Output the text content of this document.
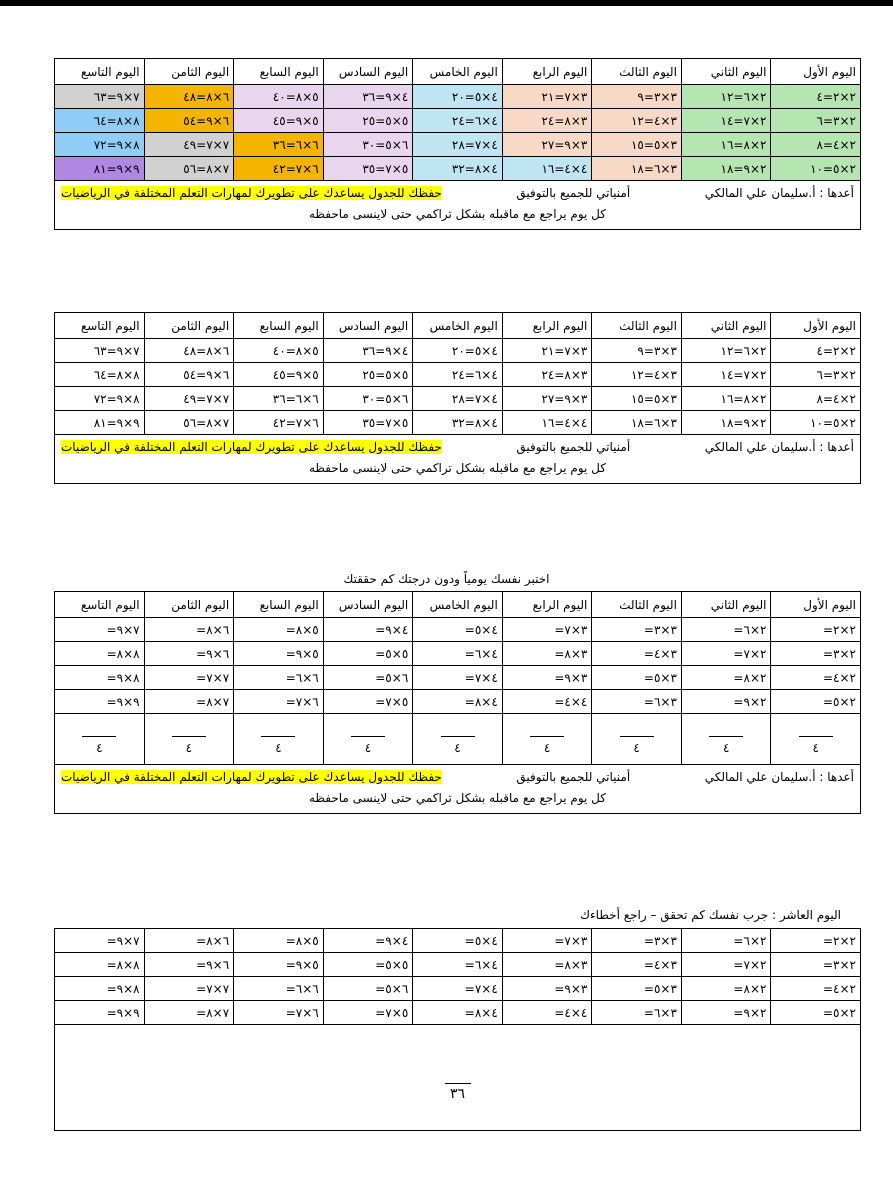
اليوم الأول	اليوم الثاني	اليوم الثالث	اليوم الرابع	اليوم الخامس	اليوم السادس	اليوم السابع	اليوم الثامن	اليوم التاسع
٢×٢=٤	٢×٦=١٢	٣×٣=٩	٣×٧=٢١	٤×٥=٢٠	٤×٩=٣٦	٥×٨=٤٠	٦×٨=٤٨	٧×٩=٦٣
٢×٣=٦	٢×٧=١٤	٣×٤=١٢	٣×٨=٢٤	٤×٦=٢٤	٥×٥=٢٥	٥×٩=٤٥	٦×٩=٥٤	٨×٨=٦٤
٢×٤=٨	٢×٨=١٦	٣×٥=١٥	٣×٩=٢٧	٤×٧=٢٨	٦×٥=٣٠	٦×٦=٣٦	٧×٧=٤٩	٨×٩=٧٢
٢×٥=١٠	٢×٩=١٨	٣×٦=١٨	٤×٤=١٦	٤×٨=٣٢	٥×٧=٣٥	٦×٧=٤٢	٧×٨=٥٦	٩×٩=٨١

أعدها : أ.سليمان علي المالكي
أمنياتي للجميع بالتوفيق
حفظك للجدول يساعدك على تطويرك لمهارات التعلم المختلفة في الرياضيات
كل يوم يراجع مع ماقبله بشكل تراكمي حتى لاينسى ماحفظه								
اليوم الأول	اليوم الثاني	اليوم الثالث	اليوم الرابع	اليوم الخامس	اليوم السادس	اليوم السابع	اليوم الثامن	اليوم التاسع
٢×٢=٤	٢×٦=١٢	٣×٣=٩	٣×٧=٢١	٤×٥=٢٠	٤×٩=٣٦	٥×٨=٤٠	٦×٨=٤٨	٧×٩=٦٣
٢×٣=٦	٢×٧=١٤	٣×٤=١٢	٣×٨=٢٤	٤×٦=٢٤	٥×٥=٢٥	٥×٩=٤٥	٦×٩=٥٤	٨×٨=٦٤
٢×٤=٨	٢×٨=١٦	٣×٥=١٥	٣×٩=٢٧	٤×٧=٢٨	٦×٥=٣٠	٦×٦=٣٦	٧×٧=٤٩	٨×٩=٧٢
٢×٥=١٠	٢×٩=١٨	٣×٦=١٨	٤×٤=١٦	٤×٨=٣٢	٥×٧=٣٥	٦×٧=٤٢	٧×٨=٥٦	٩×٩=٨١

أعدها : أ.سليمان علي المالكي
أمنياتي للجميع بالتوفيق
حفظك للجدول يساعدك على تطويرك لمهارات التعلم المختلفة في الرياضيات
كل يوم يراجع مع ماقبله بشكل تراكمي حتى لاينسى ماحفظه								
اختبر نفسك يومياً ودون درجتك كم حققتك
اليوم الأول	اليوم الثاني	اليوم الثالث	اليوم الرابع	اليوم الخامس	اليوم السادس	اليوم السابع	اليوم الثامن	اليوم التاسع
٢×٢=	٢×٦=	٣×٣=	٣×٧=	٤×٥=	٤×٩=	٥×٨=	٦×٨=	٧×٩=
٢×٣=	٢×٧=	٣×٤=	٣×٨=	٤×٦=	٥×٥=	٥×٩=	٦×٩=	٨×٨=
٢×٤=	٢×٨=	٣×٥=	٣×٩=	٤×٧=	٦×٥=	٦×٦=	٧×٧=	٨×٩=
٢×٥=	٢×٩=	٣×٦=	٤×٤=	٤×٨=	٥×٧=	٦×٧=	٧×٨=	٩×٩=
٤	٤	٤	٤	٤	٤	٤	٤	٤

أعدها : أ.سليمان علي المالكي
أمنياتي للجميع بالتوفيق
حفظك للجدول يساعدك على تطويرك لمهارات التعلم المختلفة في الرياضيات
كل يوم يراجع مع ماقبله بشكل تراكمي حتى لاينسى ماحفظه								
اليوم العاشر : جرب نفسك كم تحقق – راجع أخطاءك
٢×٢=	٢×٦=	٣×٣=	٣×٧=	٤×٥=	٤×٩=	٥×٨=	٦×٨=	٧×٩=
٢×٣=	٢×٧=	٣×٤=	٣×٨=	٤×٦=	٥×٥=	٥×٩=	٦×٩=	٨×٨=
٢×٤=	٢×٨=	٣×٥=	٣×٩=	٤×٧=	٦×٥=	٦×٦=	٧×٧=	٨×٩=
٢×٥=	٢×٩=	٣×٦=	٤×٤=	٤×٨=	٥×٧=	٦×٧=	٧×٨=	٩×٩=
٣٦								
